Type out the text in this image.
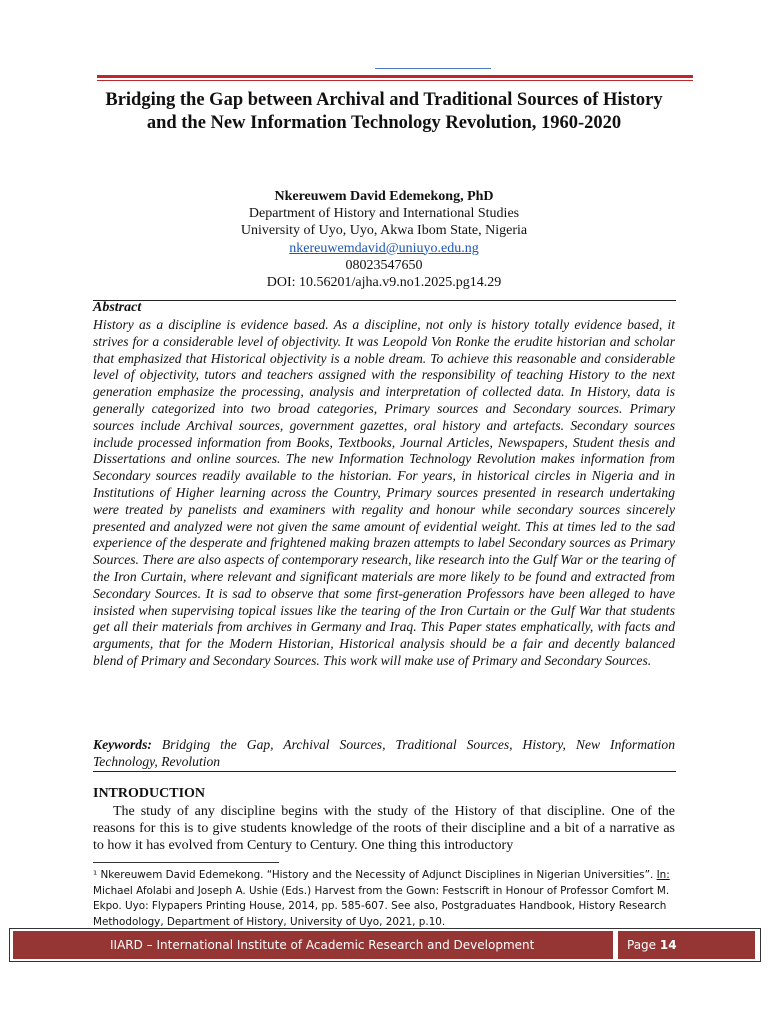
Bridging the Gap between Archival and Traditional Sources of History and the New Information Technology Revolution, 1960-2020
Nkereuwem David Edemekong, PhD
Department of History and International Studies
University of Uyo, Uyo, Akwa Ibom State, Nigeria
nkereuwemdavid@uniuyo.edu.ng
08023547650
DOI: 10.56201/ajha.v9.no1.2025.pg14.29
Abstract
History as a discipline is evidence based. As a discipline, not only is history totally evidence based, it strives for a considerable level of objectivity. It was Leopold Von Ronke the erudite historian and scholar that emphasized that Historical objectivity is a noble dream. To achieve this reasonable and considerable level of objectivity, tutors and teachers assigned with the responsibility of teaching History to the next generation emphasize the processing, analysis and interpretation of collected data. In History, data is generally categorized into two broad categories, Primary sources and Secondary sources. Primary sources include Archival sources, government gazettes, oral history and artefacts. Secondary sources include processed information from Books, Textbooks, Journal Articles, Newspapers, Student thesis and Dissertations and online sources. The new Information Technology Revolution makes information from Secondary sources readily available to the historian. For years, in historical circles in Nigeria and in Institutions of Higher learning across the Country, Primary sources presented in research undertaking were treated by panelists and examiners with regality and honour while secondary sources sincerely presented and analyzed were not given the same amount of evidential weight. This at times led to the sad experience of the desperate and frightened making brazen attempts to label Secondary sources as Primary Sources. There are also aspects of contemporary research, like research into the Gulf War or the tearing of the Iron Curtain, where relevant and significant materials are more likely to be found and extracted from Secondary Sources. It is sad to observe that some first-generation Professors have been alleged to have insisted when supervising topical issues like the tearing of the Iron Curtain or the Gulf War that students get all their materials from archives in Germany and Iraq. This Paper states emphatically, with facts and arguments, that for the Modern Historian, Historical analysis should be a fair and decently balanced blend of Primary and Secondary Sources. This work will make use of Primary and Secondary Sources.
Keywords: Bridging the Gap, Archival Sources, Traditional Sources, History, New Information Technology, Revolution
INTRODUCTION
The study of any discipline begins with the study of the History of that discipline. One of the reasons for this is to give students knowledge of the roots of their discipline and a bit of a narrative as to how it has evolved from Century to Century. One thing this introductory
¹ Nkereuwem David Edemekong. “History and the Necessity of Adjunct Disciplines in Nigerian Universities”. In: Michael Afolabi and Joseph A. Ushie (Eds.) Harvest from the Gown: Festscrift in Honour of Professor Comfort M. Ekpo. Uyo: Flypapers Printing House, 2014, pp. 585-607. See also, Postgraduates Handbook, History Research Methodology, Department of History, University of Uyo, 2021, p.10.
IIARD – International Institute of Academic Research and Development	Page 14
